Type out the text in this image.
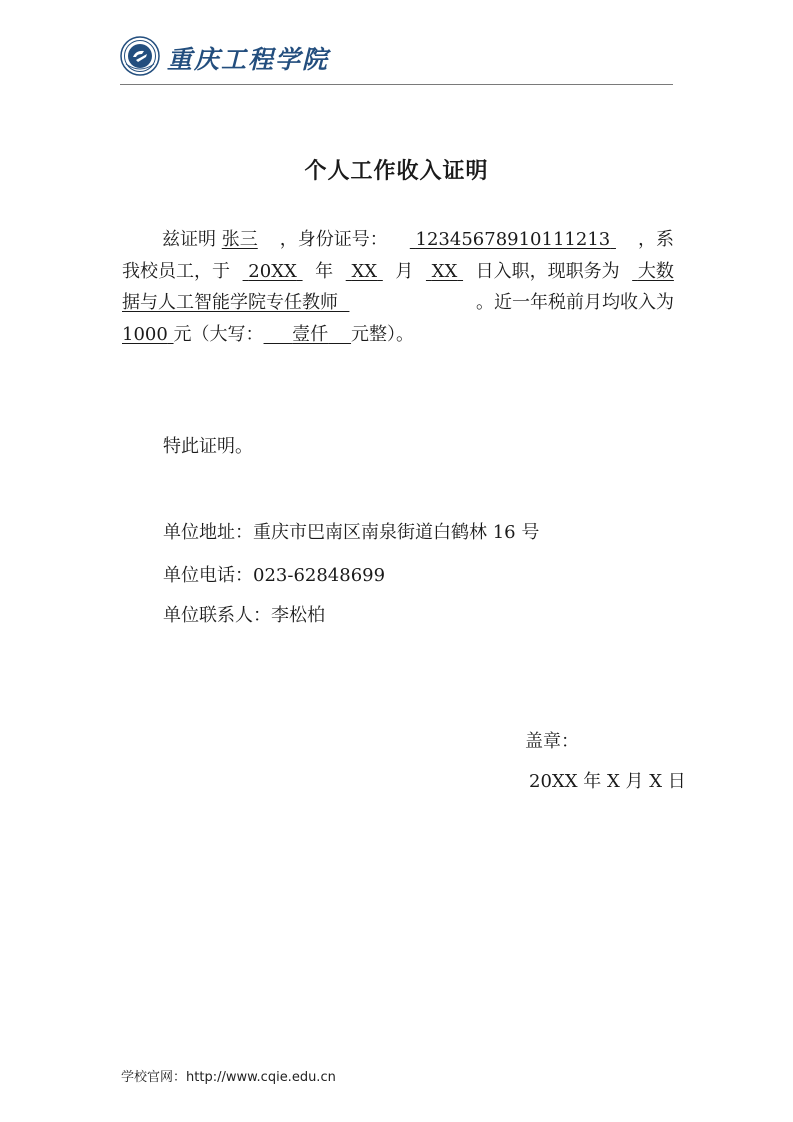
重庆工程学院
个人工作收入证明
兹证明 张三 ，身份证号：	12345678910111213	，系
我校员工，于	20XX	年	XX	月	XX	日入职，现职务为	大数
据与人工智能学院专任教师	。近一年税前月均收入为
1000 元（大写： 壹仟 元整）。
特此证明。
单位地址：重庆市巴南区南泉街道白鹤林 16 号
单位电话：023-62848699
单位联系人：李松柏
盖章：
20XX 年 X 月 X 日
学校官网：http://www.cqie.edu.cn
